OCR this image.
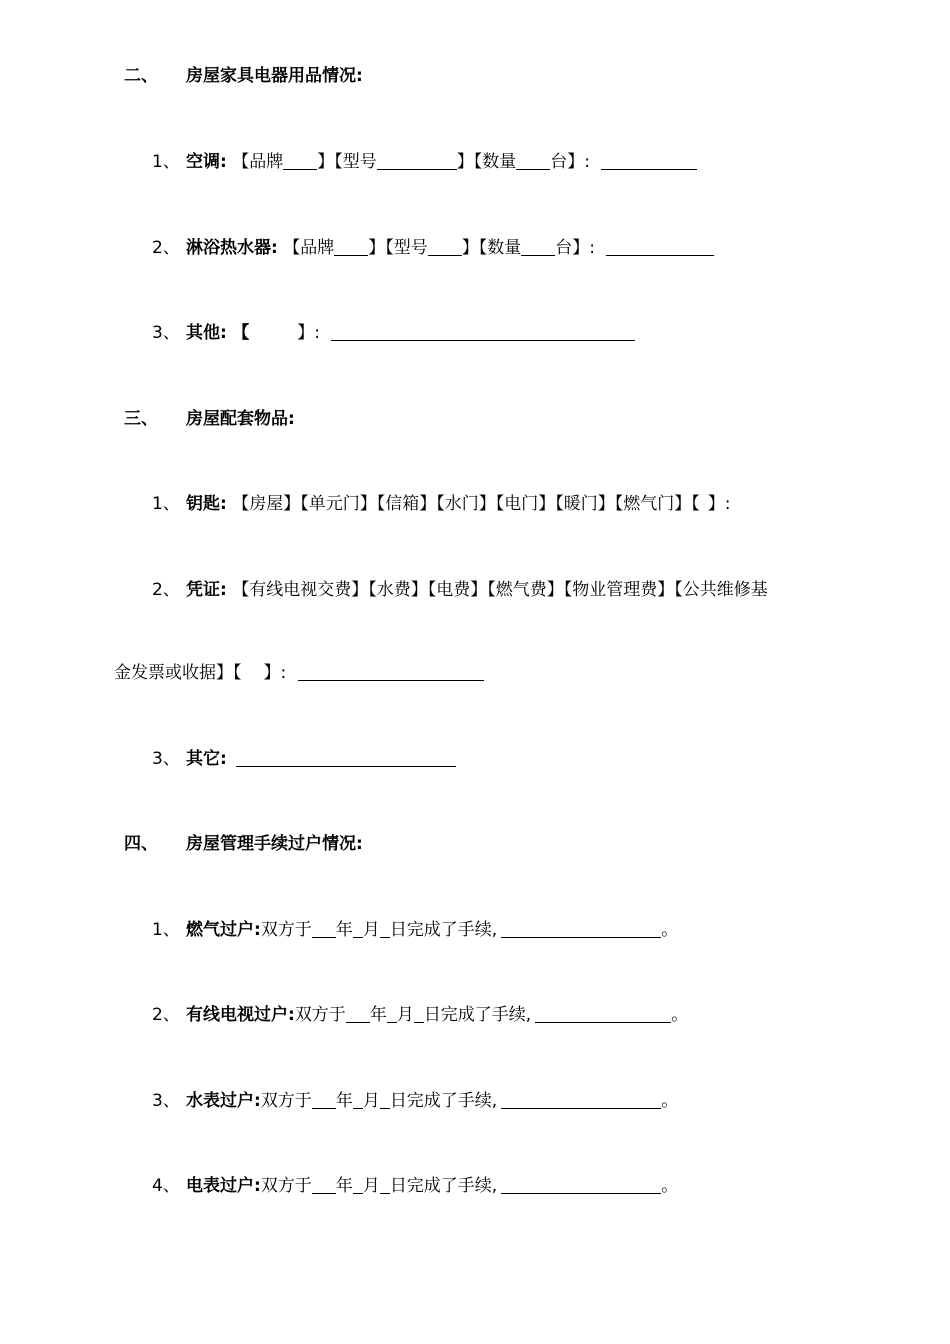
二、 房屋家具电器用品情况:
1、 空调: 【品牌 】【型号	】【数量 台】:
2、 淋浴热水器: 【品牌 】【型号 】【数量 台】:
3、 其他: 【	】:
三、 房屋配套物品:
1、 钥匙: 【房屋】【单元门】【信箱】【水门】【电门】【暖门】【燃气门】【 】:
2、 凭证: 【有线电视交费】【水费】【电费】【燃气费】【物业管理费】【公共维修基
金发票或收据】【 】:
3、 其它:
四、 房屋管理手续过户情况:
1、 燃气过户:双方于 年 月 日完成了手续,	。
2、 有线电视过户:双方于 年 月 日完成了手续,	。
3、 水表过户:双方于 年 月 日完成了手续,	。
4、 电表过户:双方于 年 月 日完成了手续,	。
